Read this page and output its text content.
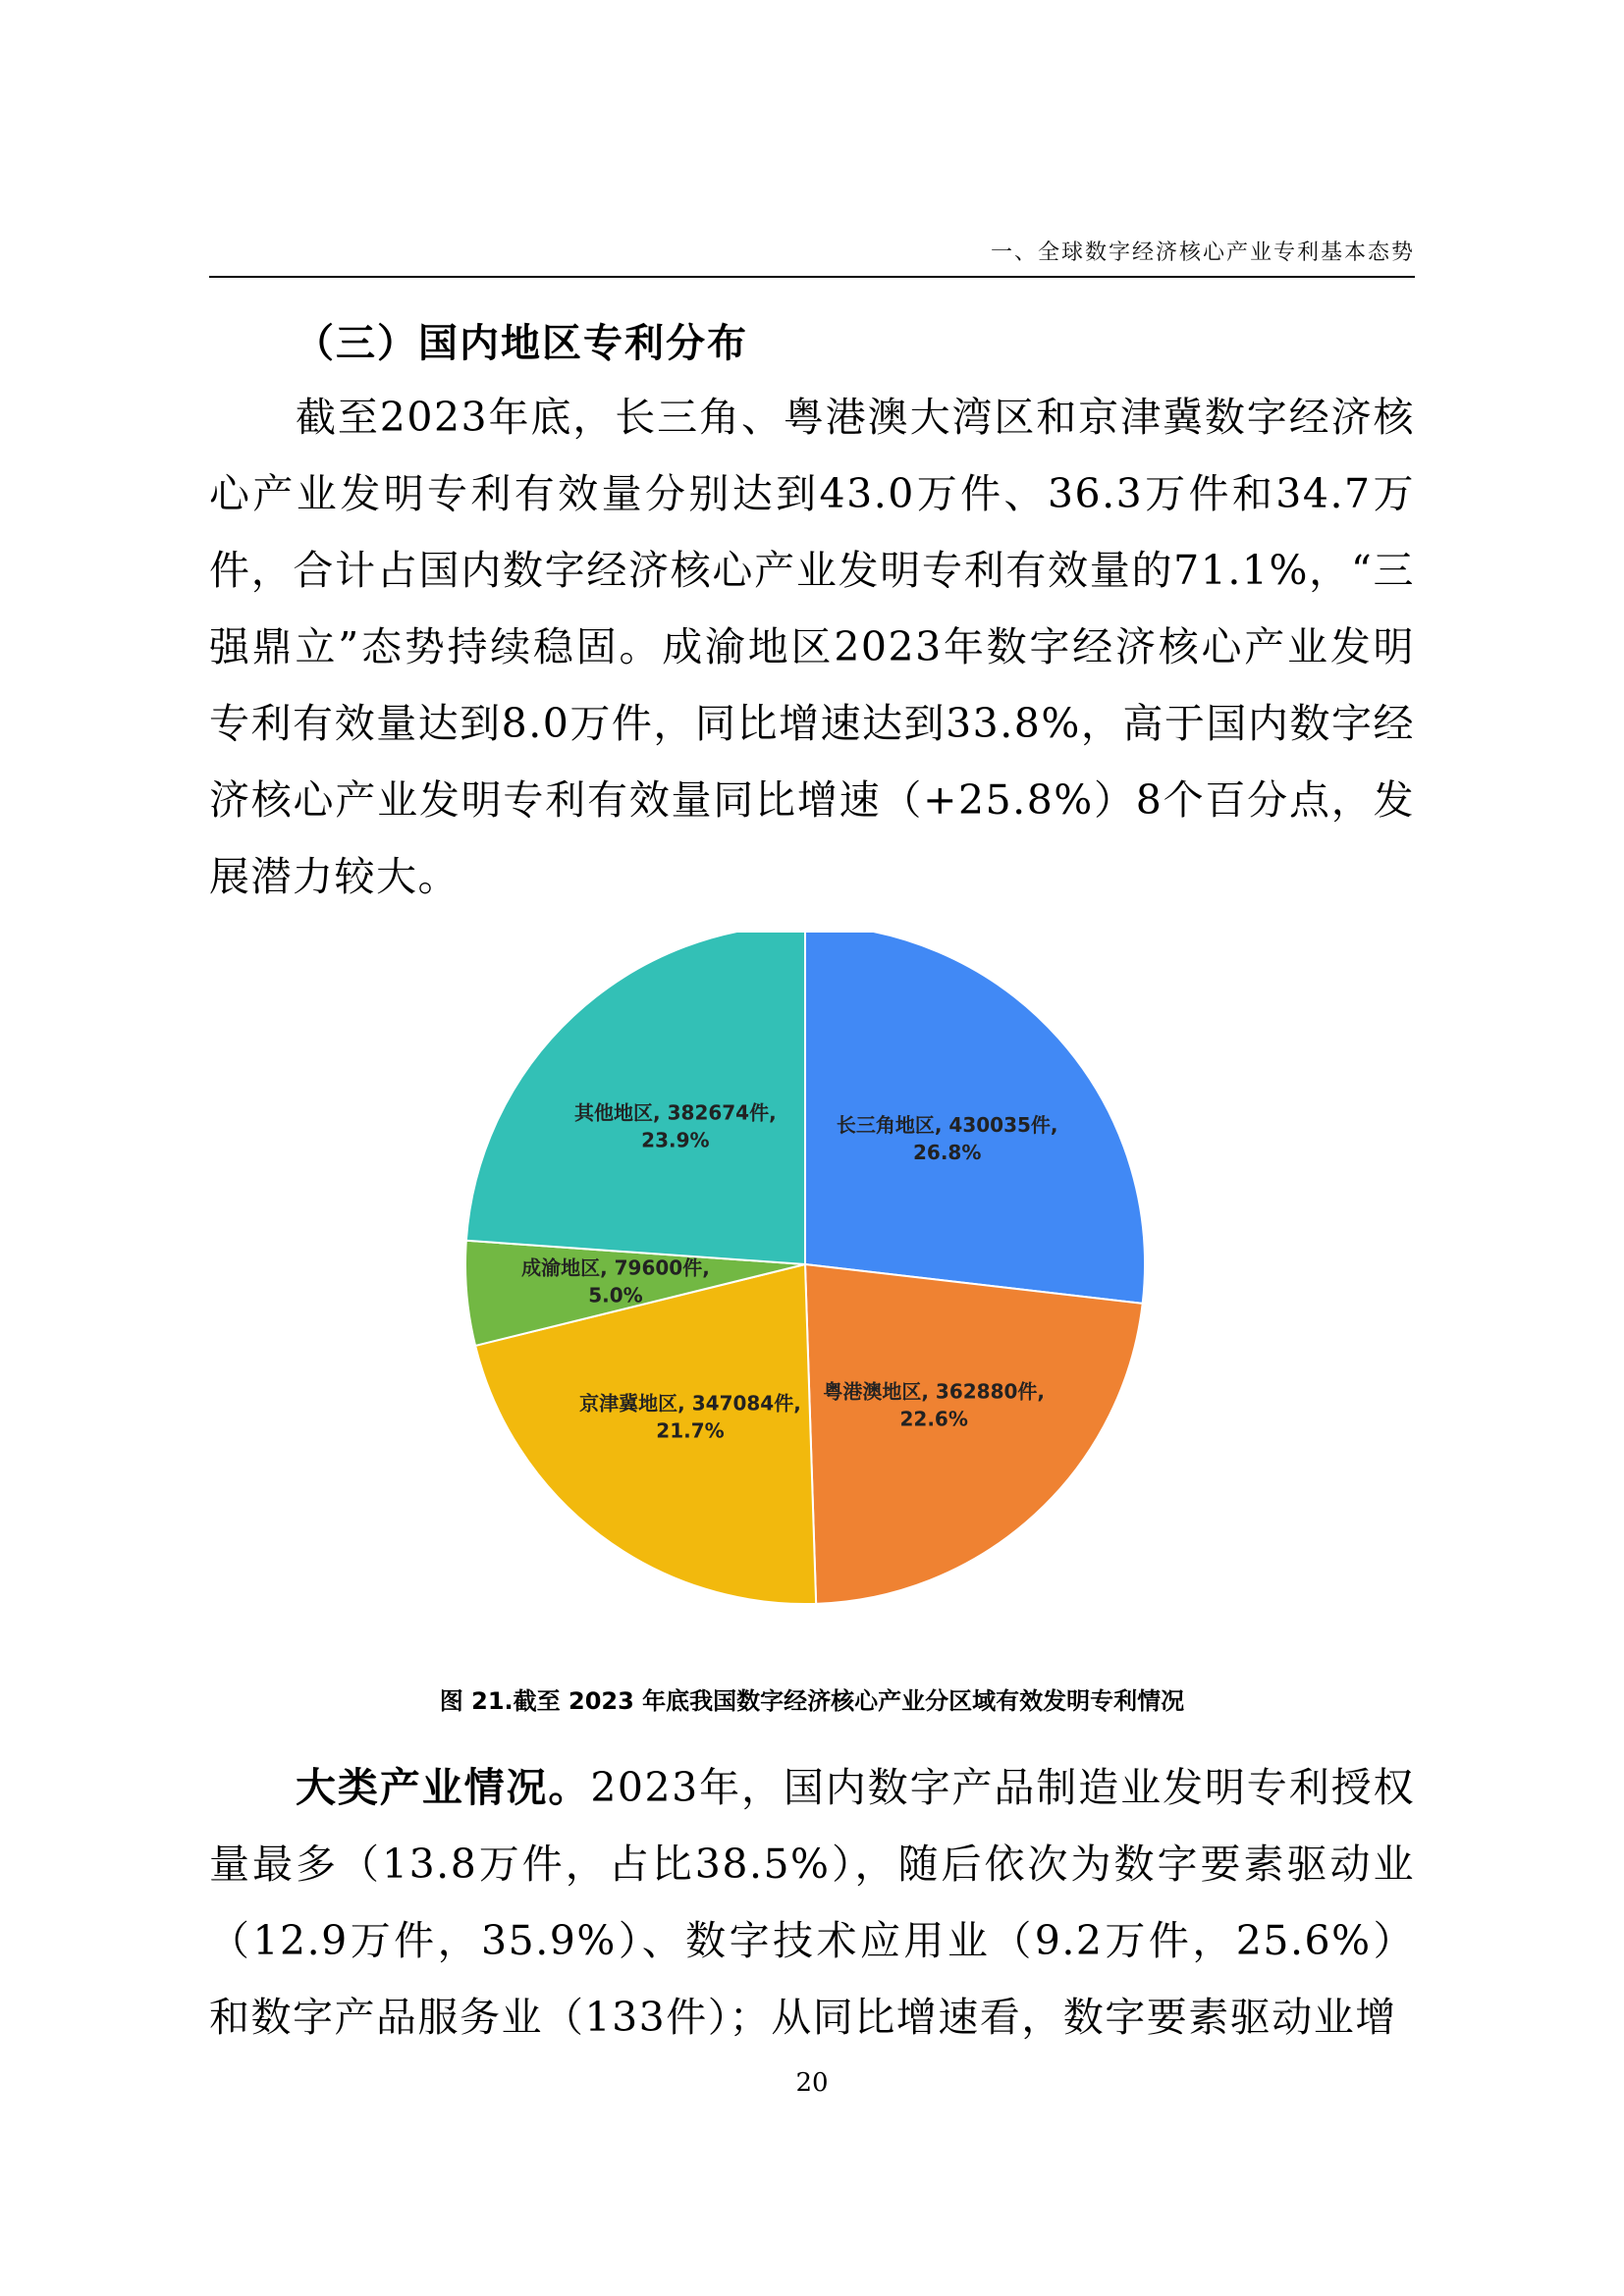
一、全球数字经济核心产业专利基本态势
（三）国内地区专利分布
截至2023年底，长三角、粤港澳大湾区和京津冀数字经济核心产业发明专利有效量分别达到43.0万件、36.3万件和34.7万件，合计占国内数字经济核心产业发明专利有效量的71.1%，“三强鼎立”态势持续稳固。成渝地区2023年数字经济核心产业发明专利有效量达到8.0万件，同比增速达到33.8%，高于国内数字经济核心产业发明专利有效量同比增速（+25.8%）8个百分点，发展潜力较大。
长三角地区, 430035件,
26.8%
粤港澳地区, 362880件,
22.6%
京津冀地区, 347084件,
21.7%
成渝地区, 79600件,
5.0%
其他地区, 382674件,
23.9%
图 21.截至 2023 年底我国数字经济核心产业分区域有效发明专利情况
大类产业情况。2023年，国内数字产品制造业发明专利授权量最多（13.8万件，占比38.5%），随后依次为数字要素驱动业（12.9万件，35.9%）、数字技术应用业（9.2万件，25.6%）和数字产品服务业（133件）；从同比增速看，数字要素驱动业增
20
